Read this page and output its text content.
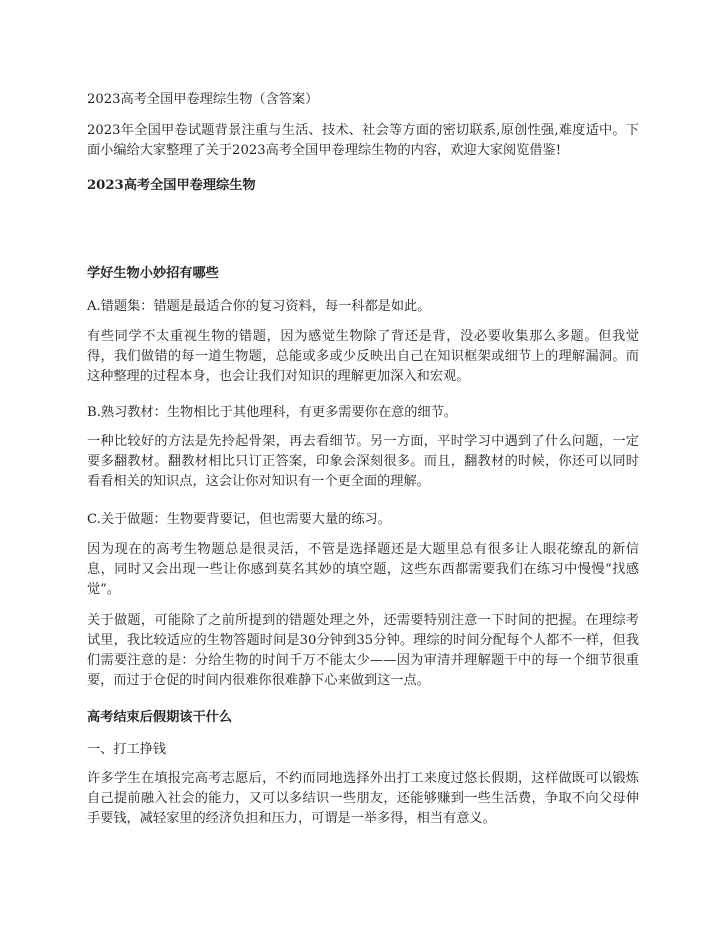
2023高考全国甲卷理综生物（含答案）
2023年全国甲卷试题背景注重与生活、技术、社会等方面的密切联系,原创性强,难度适中。下面小编给大家整理了关于2023高考全国甲卷理综生物的内容，欢迎大家阅览借鉴!
2023高考全国甲卷理综生物
学好生物小妙招有哪些
A.错题集：错题是最适合你的复习资料，每一科都是如此。
有些同学不太重视生物的错题，因为感觉生物除了背还是背，没必要收集那么多题。但我觉得，我们做错的每一道生物题，总能或多或少反映出自己在知识框架或细节上的理解漏洞。而这种整理的过程本身，也会让我们对知识的理解更加深入和宏观。
B.熟习教材：生物相比于其他理科，有更多需要你在意的细节。
一种比较好的方法是先拎起骨架，再去看细节。另一方面，平时学习中遇到了什么问题，一定要多翻教材。翻教材相比只订正答案，印象会深刻很多。而且，翻教材的时候，你还可以同时看看相关的知识点，这会让你对知识有一个更全面的理解。
C.关于做题：生物要背要记，但也需要大量的练习。
因为现在的高考生物题总是很灵活，不管是选择题还是大题里总有很多让人眼花缭乱的新信息，同时又会出现一些让你感到莫名其妙的填空题，这些东西都需要我们在练习中慢慢“找感觉”。
关于做题，可能除了之前所提到的错题处理之外，还需要特别注意一下时间的把握。在理综考试里，我比较适应的生物答题时间是30分钟到35分钟。理综的时间分配每个人都不一样，但我们需要注意的是：分给生物的时间千万不能太少——因为审清并理解题干中的每一个细节很重要，而过于仓促的时间内很难你很难静下心来做到这一点。
高考结束后假期该干什么
一、打工挣钱
许多学生在填报完高考志愿后，不约而同地选择外出打工来度过悠长假期，这样做既可以锻炼自己提前融入社会的能力，又可以多结识一些朋友，还能够赚到一些生活费，争取不向父母伸手要钱，减轻家里的经济负担和压力，可谓是一举多得，相当有意义。
